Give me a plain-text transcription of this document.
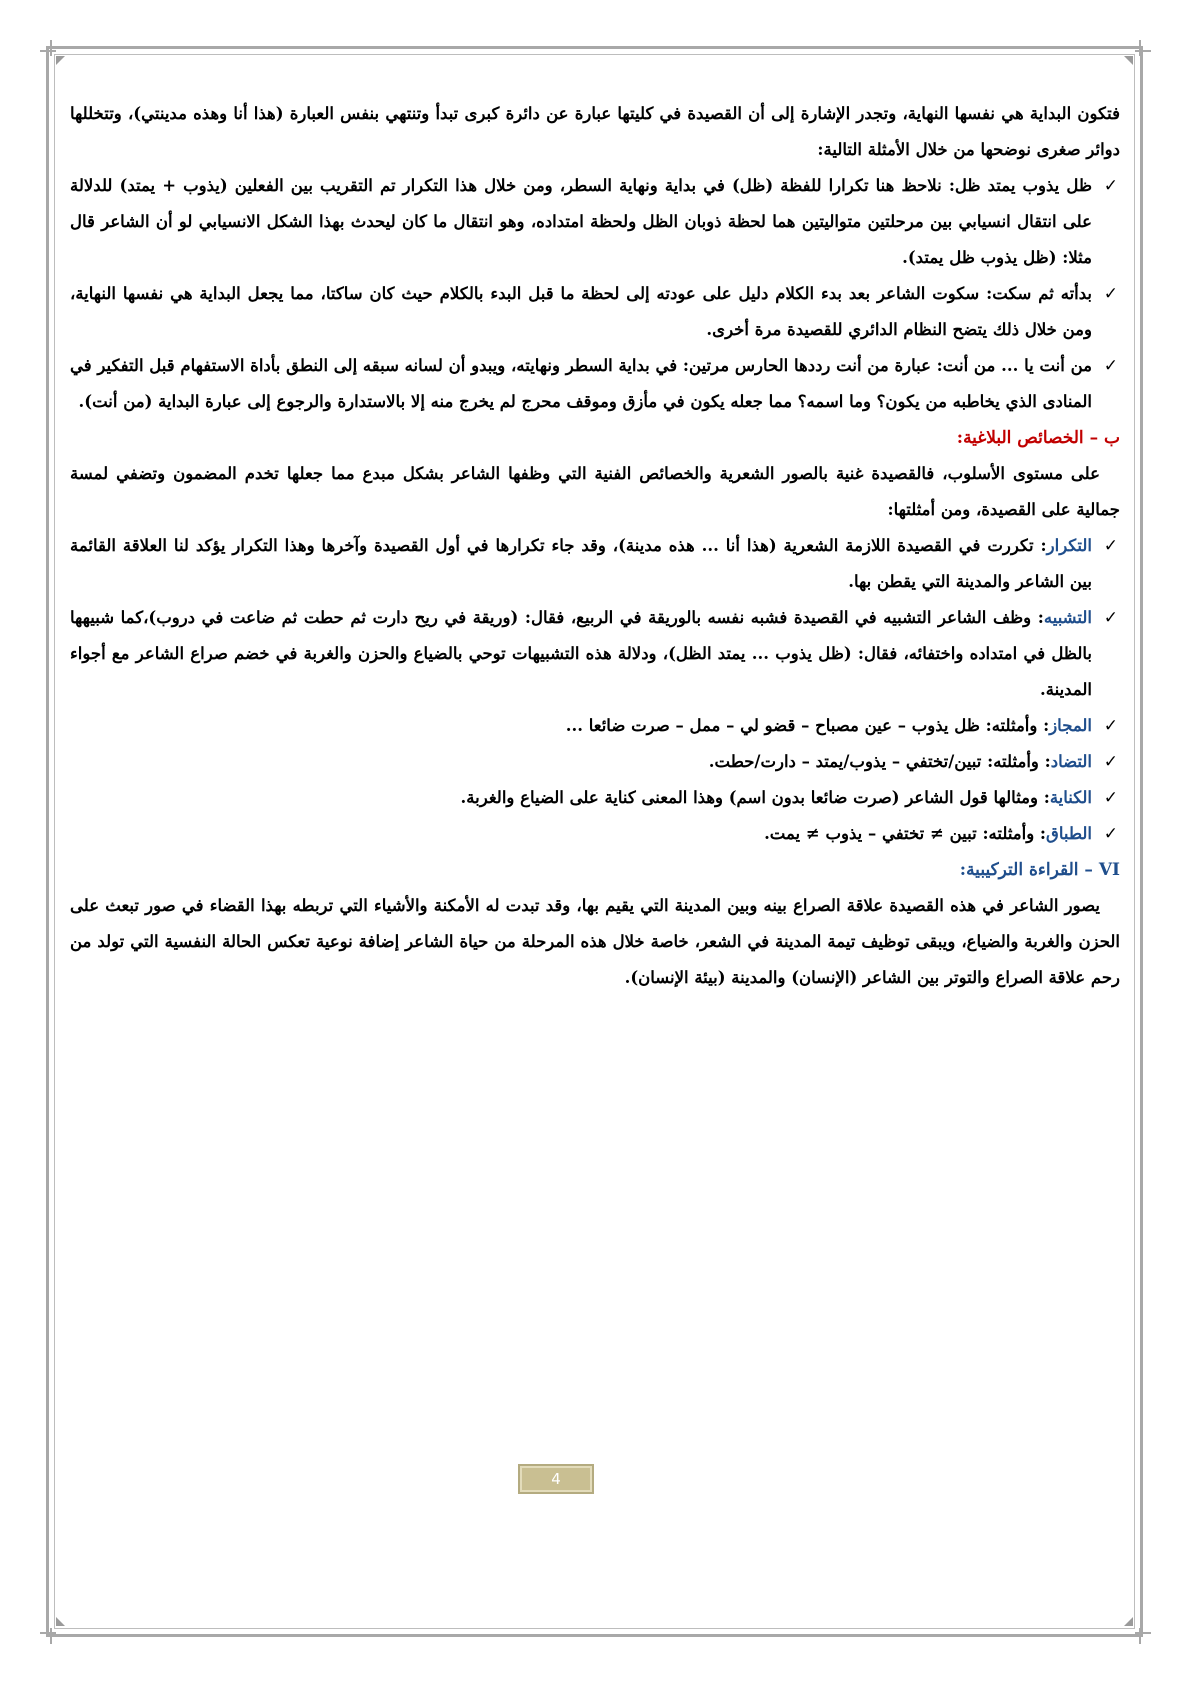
فتكون البداية هي نفسها النهاية، وتجدر الإشارة إلى أن القصيدة في كليتها عبارة عن دائرة كبرى تبدأ وتنتهي بنفس العبارة (هذا أنا وهذه مدينتي)، وتتخللها دوائر صغرى نوضحها من خلال الأمثلة التالية:

✓
ظل يذوب يمتد ظل: نلاحظ هنا تكرارا للفظة (ظل) في بداية ونهاية السطر، ومن خلال هذا التكرار تم التقريب بين الفعلين (يذوب + يمتد) للدلالة على انتقال انسيابي بين مرحلتين متواليتين هما لحظة ذوبان الظل ولحظة امتداده، وهو انتقال ما كان ليحدث بهذا الشكل الانسيابي لو أن الشاعر قال مثلا: (ظل يذوب ظل يمتد).
✓
بدأته ثم سكت: سكوت الشاعر بعد بدء الكلام دليل على عودته إلى لحظة ما قبل البدء بالكلام حيث كان ساكتا، مما يجعل البداية هي نفسها النهاية، ومن خلال ذلك يتضح النظام الدائري للقصيدة مرة أخرى.
✓
من أنت يا ... من أنت: عبارة من أنت رددها الحارس مرتين: في بداية السطر ونهايته، ويبدو أن لسانه سبقه إلى النطق بأداة الاستفهام قبل التفكير في المنادى الذي يخاطبه من يكون؟ وما اسمه؟ مما جعله يكون في مأزق وموقف محرج لم يخرج منه إلا بالاستدارة والرجوع إلى عبارة البداية (من أنت).

ب – الخصائص البلاغية:

على مستوى الأسلوب، فالقصيدة غنية بالصور الشعرية والخصائص الفنية التي وظفها الشاعر بشكل مبدع مما جعلها تخدم المضمون وتضفي لمسة جمالية على القصيدة، ومن أمثلتها:

✓
التكرار: تكررت في القصيدة اللازمة الشعرية (هذا أنا ... هذه مدينة)، وقد جاء تكرارها في أول القصيدة وآخرها وهذا التكرار يؤكد لنا العلاقة القائمة بين الشاعر والمدينة التي يقطن بها.
✓
التشبيه: وظف الشاعر التشبيه في القصيدة فشبه نفسه بالوريقة في الربيع، فقال: (وريقة في ريح دارت ثم حطت ثم ضاعت في دروب)،كما شبيهها بالظل في امتداده واختفائه، فقال: (ظل يذوب ... يمتد الظل)، ودلالة هذه التشبيهات توحي بالضياع والحزن والغربة في خضم صراع الشاعر مع أجواء المدينة.
✓
المجاز: وأمثلته: ظل يذوب – عين مصباح – قضو لي – ممل – صرت ضائعا ...
✓
التضاد: وأمثلته: تبين/تختفي – يذوب/يمتد – دارت/حطت.
✓
الكناية: ومثالها قول الشاعر (صرت ضائعا بدون اسم) وهذا المعنى كناية على الضياع والغربة.
✓
الطباق: وأمثلته: تبين ≠ تختفي – يذوب ≠ يمت.

VI – القراءة التركيبية:

يصور الشاعر في هذه القصيدة علاقة الصراع بينه وبين المدينة التي يقيم بها، وقد تبدت له الأمكنة والأشياء التي تربطه بهذا القضاء في صور تبعث على الحزن والغربة والضياع، ويبقى توظيف تيمة المدينة في الشعر، خاصة خلال هذه المرحلة من حياة الشاعر إضافة نوعية تعكس الحالة النفسية التي تولد من رحم علاقة الصراع والتوتر بين الشاعر (الإنسان) والمدينة (بيئة الإنسان).

4
